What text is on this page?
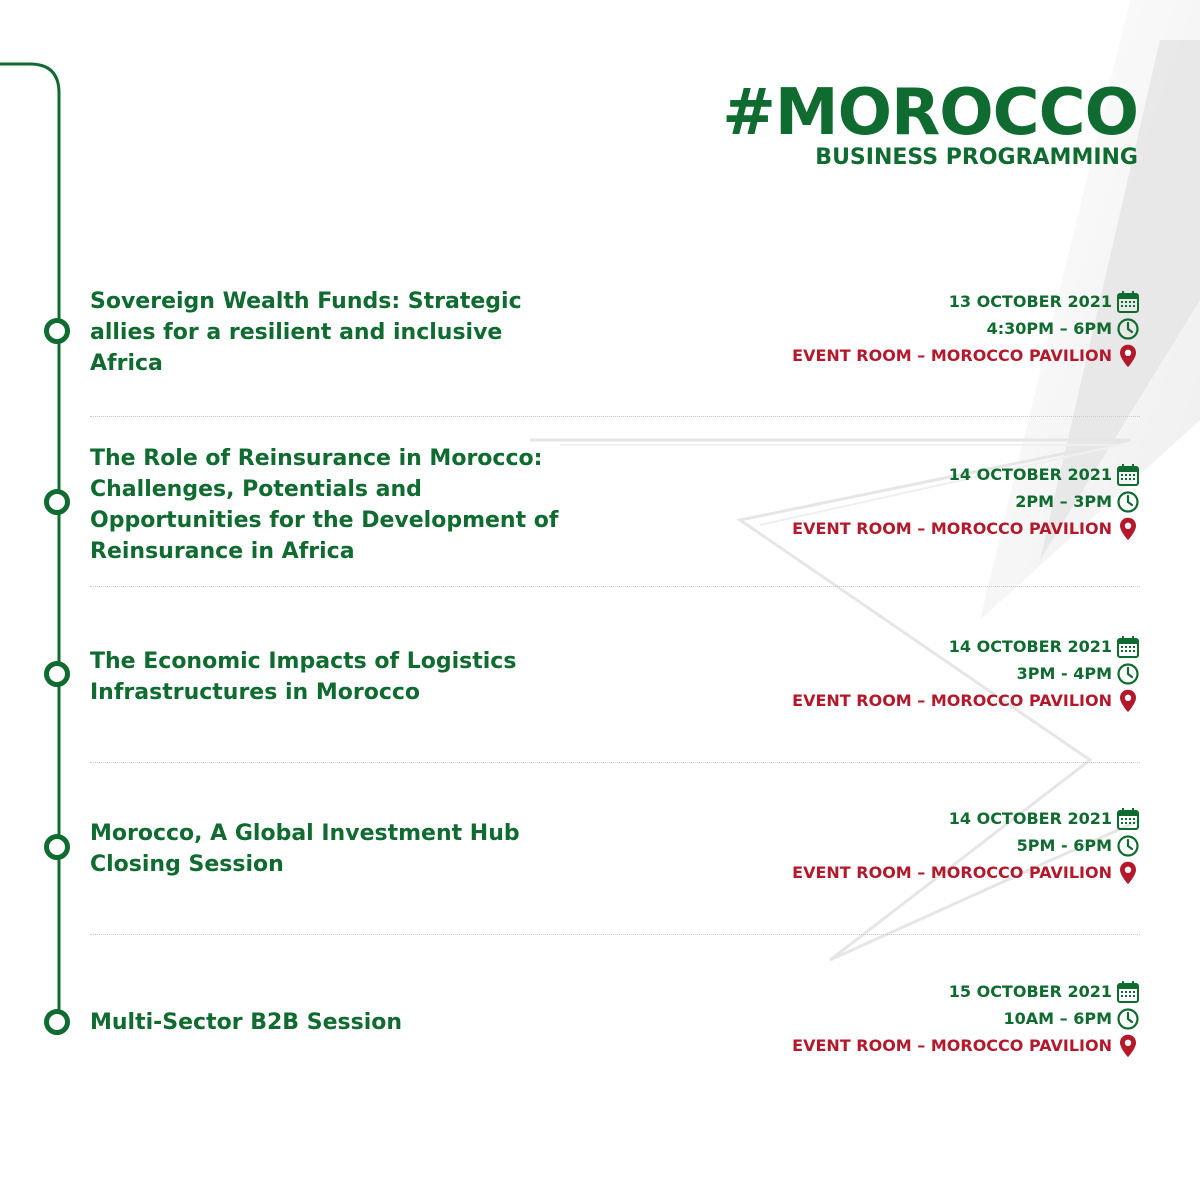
#MOROCCO
BUSINESS PROGRAMMING
Sovereign Wealth Funds: Strategic allies for a resilient and inclusive Africa
13 OCTOBER 2021
4:30PM – 6PM
EVENT ROOM – MOROCCO PAVILION
The Role of Reinsurance in Morocco: Challenges, Potentials and Opportunities for the Development of Reinsurance in Africa
14 OCTOBER 2021
2PM – 3PM
EVENT ROOM – MOROCCO PAVILION
The Economic Impacts of Logistics Infrastructures in Morocco
14 OCTOBER 2021
3PM - 4PM
EVENT ROOM – MOROCCO PAVILION
Morocco, A Global Investment Hub Closing Session
14 OCTOBER 2021
5PM - 6PM
EVENT ROOM – MOROCCO PAVILION
Multi-Sector B2B Session
15 OCTOBER 2021
10AM – 6PM
EVENT ROOM – MOROCCO PAVILION
